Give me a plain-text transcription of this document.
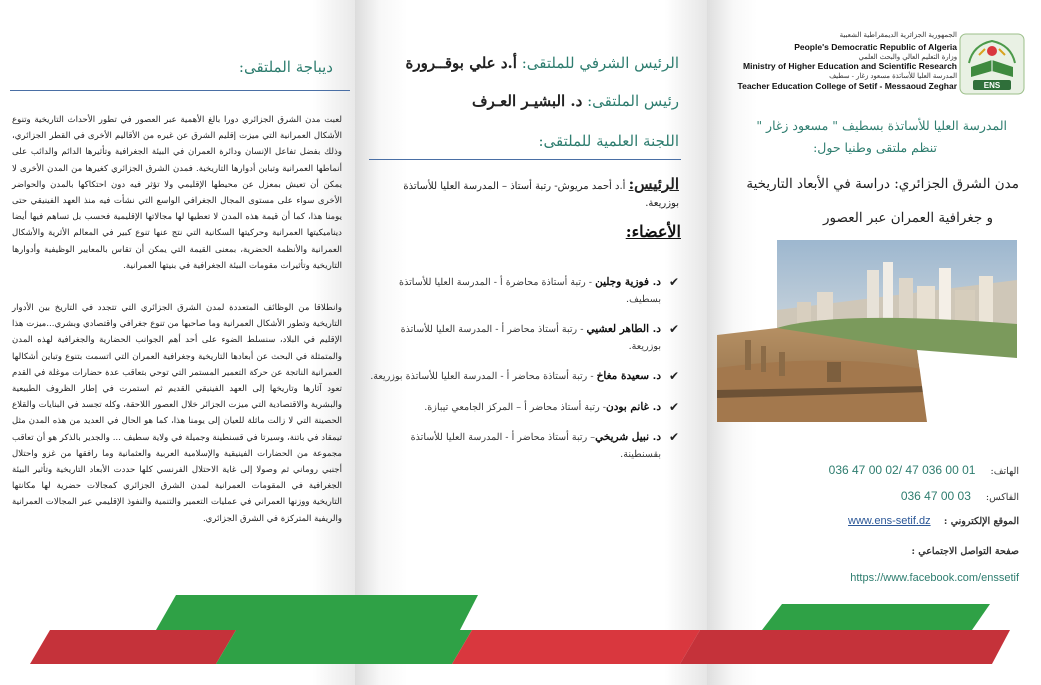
ديباجة الملتقى:
لعبت مدن الشرق الجزائري دورا بالغ الأهمية عبر العصور في تطور الأحداث التاريخية وتنوع الأشكال العمرانية التي ميزت إقليم الشرق عن غيره من الأقاليم الأخرى في القطر الجزائري، وذلك بفضل تفاعل الإنسان ودائرة العمران في البيئة الجغرافية وتأثيرها الدائم والدائب على أنماطها العمرانية وتباين أدوارها التاريخية. فمدن الشرق الجزائري كغيرها من المدن الأخرى لا يمكن أن تعيش بمعزل عن محيطها الإقليمي ولا تؤثر فيه دون احتكاكها بالمدن والحواضر الأخرى سواء على مستوى المجال الجغرافي الواسع التي نشأت فيه منذ العهد الفينيقي حتى يومنا هذا، كما أن قيمة هذه المدن لا تعطيها لها مجالاتها الإقليمية فحسب بل تساهم فيها أيضا ديناميكيتها العمرانية وحركيتها السكانية التي نتج عنها تنوع كبير في المعالم الأثرية والأشكال العمرانية والأنظمة الحضرية، بمعنى القيمة التي يمكن أن تقاس بالمعايير الوظيفية وأدوارها التاريخية وتأثيرات مقومات البيئة الجغرافية في بنيتها العمرانية.
وانطلاقا من الوظائف المتعددة لمدن الشرق الجزائري التي تتجدد في التاريخ بين الأدوار التاريخية وتطور الأشكال العمرانية وما صاحبها من تنوع جغرافي واقتصادي وبشري...ميزت هذا الإقليم في البلاد، سنسلط الضوء على أحد أهم الجوانب الحضارية والجغرافية لهذه المدن والمتمثلة في البحث عن أبعادها التاريخية وجغرافية العمران التي اتسمت بتنوع وتباين أشكالها العمرانية الناتجة عن حركة التعمير المستمر التي توحي بتعاقب عدة حضارات موغلة في القدم تعود آثارها وتاريخها إلى العهد الفينيقي القديم ثم استمرت في إطار الظروف الطبيعية والبشرية والاقتصادية التي ميزت الجزائر خلال العصور اللاحقة، وكله تجسد في البنايات والقلاع الحصينة التي لا زالت ماثلة للعيان إلى يومنا هذا، كما هو الحال في العديد من هذه المدن مثل تيمقاد في باتنة، وسيرتا في قسنطينة وجميلة في ولاية سطيف ... والجدير بالذكر هو أن تعاقب مجموعة من الحضارات الفينيقية والإسلامية العربية والعثمانية وما رافقها من غزو واحتلال أجنبي روماني ثم وصولا إلى غاية الاحتلال الفرنسي كلها حددت الأبعاد التاريخية وتأثير البيئة الجغرافية في المقومات العمرانية لمدن الشرق الجزائري كمجالات حضرية لها مكانتها التاريخية ووزنها العمراني في عمليات التعمير والتنمية والنفوذ الإقليمي عبر المجالات العمرانية والريفية المتركزة في الشرق الجزائري.
الرئيس الشرفي للملتقى: أ.د علي بوقــرورة
رئيس الملتقى: د. البشيـر العـرف
اللجنة العلمية للملتقى:
الرئيس: أ.د أحمد مريوش- رتبة أستاذ – المدرسة العليا للأساتذة بوزريعة.
الأعضاء:
✔
د. فوزية وجلين - رتبة أستاذة محاضرة أ - المدرسة العليا للأساتذة بسطيف.
✔
د. الطاهر لعشيي - رتبة أستاذ محاضر أ - المدرسة العليا للأساتذة بوزريعة.
✔
د. سعيدة مغاخ - رتبة أستاذة محاضر أ - المدرسة العليا للأساتذة بوزريعة.
✔
د. غانم بودن- رتبة أستاذ محاضر أ – المركز الجامعي تيبازة.
✔
د. نبيل شريخي– رتبة أستاذ محاضر أ - المدرسة العليا للأساتذة بقسنطينة.
الجمهورية الجزائرية الديمقراطية الشعبية
People's Democratic Republic of Algeria
وزارة التعليم العالي والبحث العلمي
Ministry of Higher Education and Scientific Research
المدرسة العليا للأساتذة مسعود زغار - سطيف
Teacher Education College of Setif - Messaoud Zeghar	ENS
المدرسة العليا للأساتذة بسطيف " مسعود زغار "
تنظم ملتقى وطنيا حول:
مدن الشرق الجزائري: دراسة في الأبعاد التاريخية
و جغرافية العمران عبر العصور
الهاتف: 036 47 00 02/ 47 036 00 01
الفاكس: 036 47 00 03
الموقع الإلكتروني : www.ens-setif.dz
صفحة التواصل الاجتماعي :
https://www.facebook.com/enssetif
